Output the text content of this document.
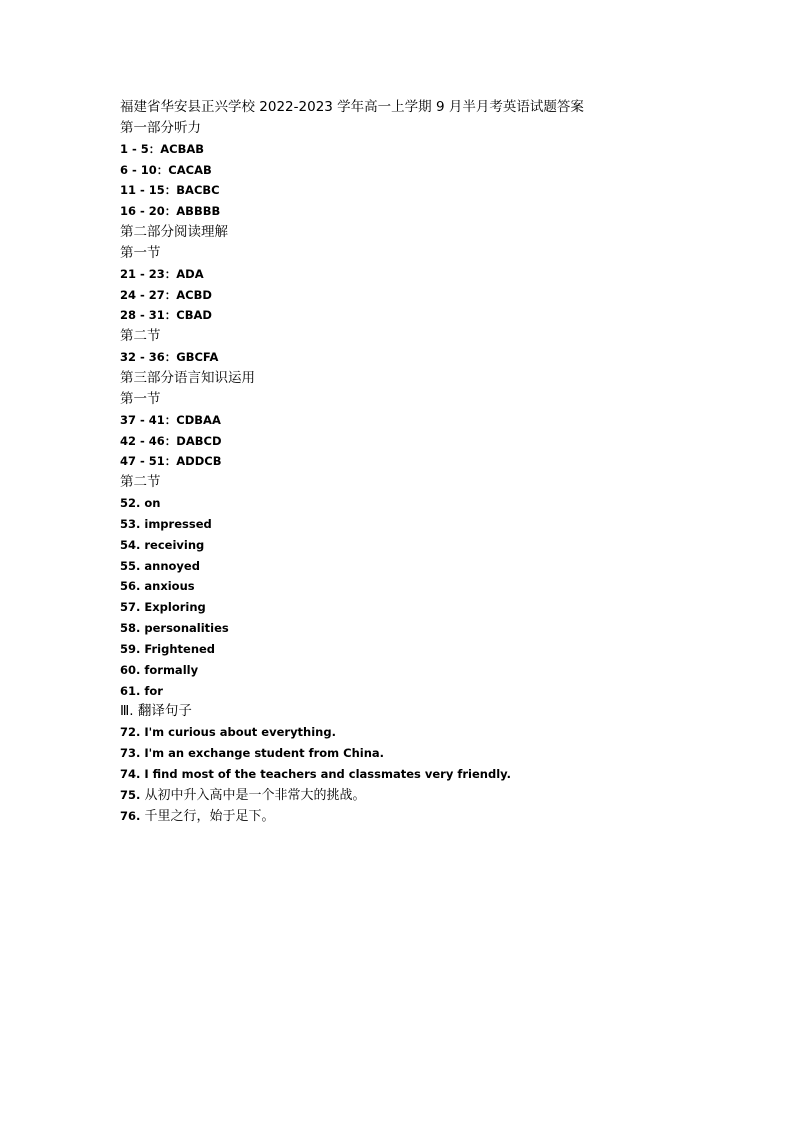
福建省华安县正兴学校 2022-2023 学年高一上学期 9 月半月考英语试题答案
第一部分听力
1 - 5：ACBAB
6 - 10：CACAB
11 - 15：BACBC
16 - 20：ABBBB
第二部分阅读理解
第一节
21 - 23：ADA
24 - 27：ACBD
28 - 31：CBAD
第二节
32 - 36：GBCFA
第三部分语言知识运用
第一节
37 - 41：CDBAA
42 - 46：DABCD
47 - 51：ADDCB
第二节
52. on
53. impressed
54. receiving
55. annoyed
56. anxious
57. Exploring
58. personalities
59. Frightened
60. formally
61. for
Ⅲ. 翻译句子
72. I'm curious about everything.
73. I'm an exchange student from China.
74. I find most of the teachers and classmates very friendly.
75. 从初中升入高中是一个非常大的挑战。
76. 千里之行，始于足下。
